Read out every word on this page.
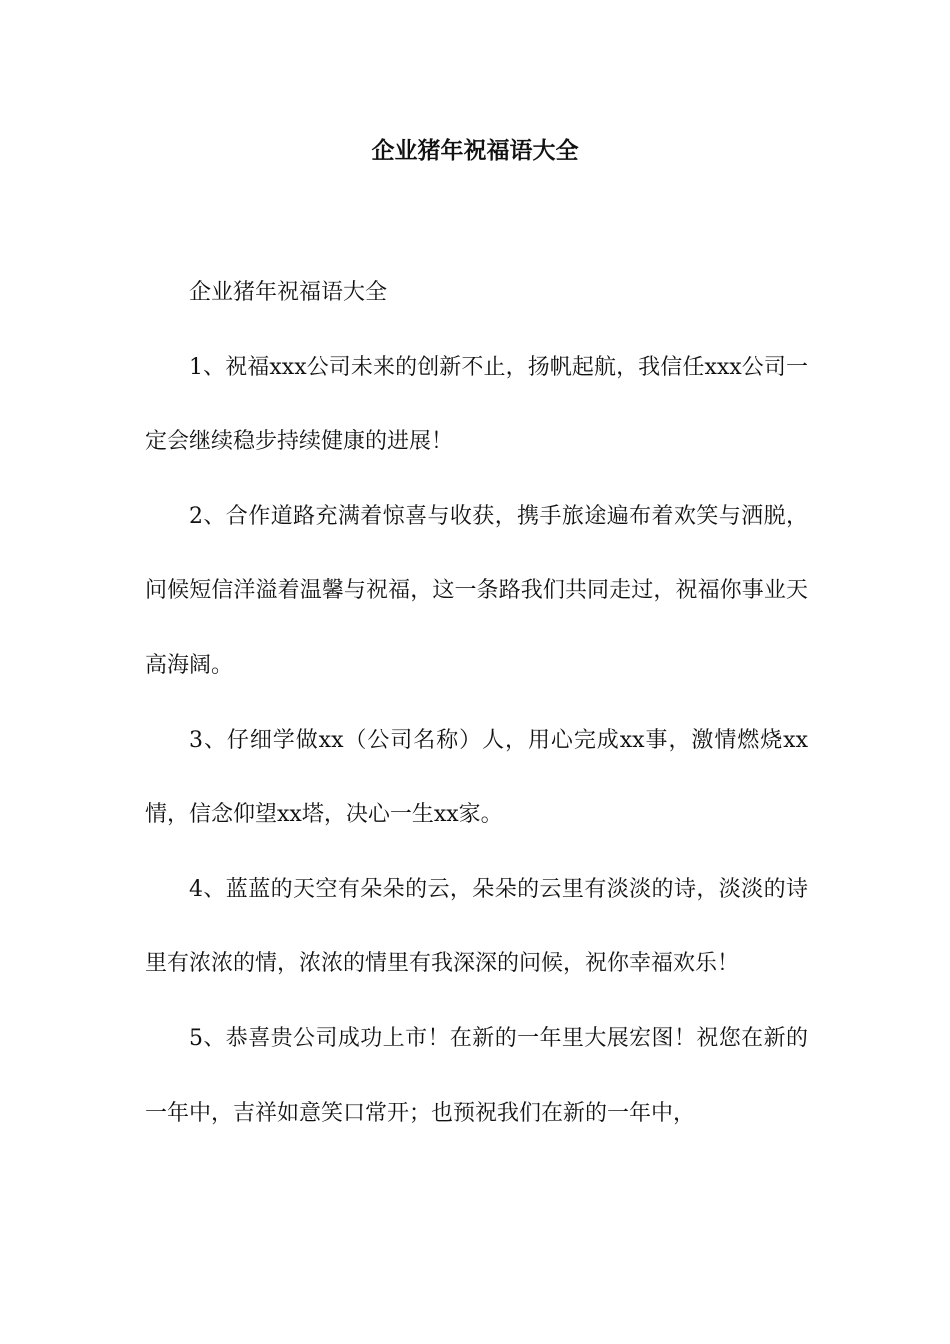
企业猪年祝福语大全

企业猪年祝福语大全

1、祝福xxx公司未来的创新不止，扬帆起航，我信任xxx公司一定会继续稳步持续健康的进展！

2、合作道路充满着惊喜与收获，携手旅途遍布着欢笑与洒脱，问候短信洋溢着温馨与祝福，这一条路我们共同走过，祝福你事业天高海阔。

3、仔细学做xx（公司名称）人，用心完成xx事，激情燃烧xx情，信念仰望xx塔，决心一生xx家。

4、蓝蓝的天空有朵朵的云，朵朵的云里有淡淡的诗，淡淡的诗里有浓浓的情，浓浓的情里有我深深的问候，祝你幸福欢乐！

5、恭喜贵公司成功上市！在新的一年里大展宏图！祝您在新的一年中，吉祥如意笑口常开；也预祝我们在新的一年中，
